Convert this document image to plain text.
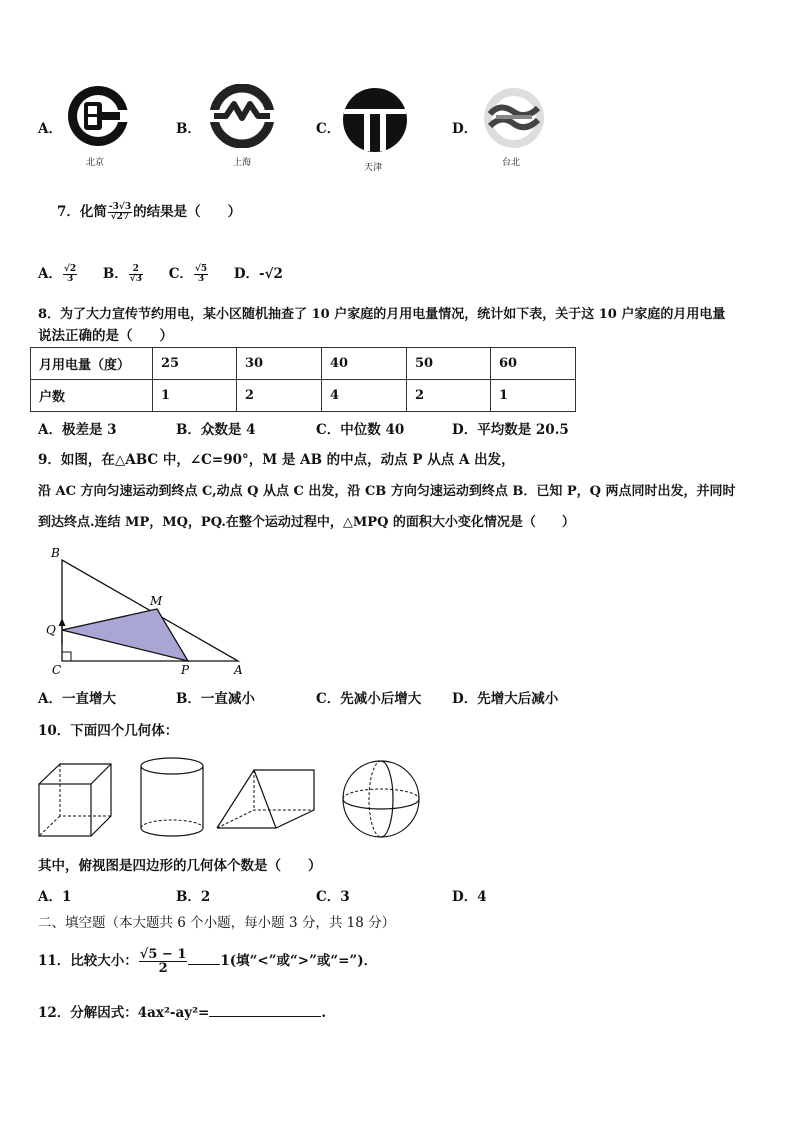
A．
北京
B．
上海
C．
天津
D．
台北
7．化简 $\frac{-3√3}{√27}$ 的结果是（　　）
A． $\frac{√2}{3}$ B． $\frac{2}{√3}$ C． $\frac{√5}{3}$ D．-√2
8．为了大力宣传节约用电，某小区随机抽查了 10 户家庭的月用电量情况，统计如下表，关于这 10 户家庭的月用电量
说法正确的是（　　）
月用电量（度）	25	30	40	50	60
户数	1	2	4	2	1
A．极差是 3	B．众数是 4	C．中位数 40	D．平均数是 20.5
9．如图，在△ABC 中，∠C=90°，M 是 AB 的中点，动点 P 从点 A 出发，
沿 AC 方向匀速运动到终点 C,动点 Q 从点 C 出发，沿 CB 方向匀速运动到终点 B．已知 P，Q 两点同时出发，并同时
到达终点.连结 MP，MQ，PQ.在整个运动过程中，△MPQ 的面积大小变化情况是（　　）
B
M
Q
C	P	A
A．一直增大	B．一直减小	C．先减小后增大 D．先增大后减小
10．下面四个几何体：
其中，俯视图是四边形的几何体个数是（　　）
A．1	B．2	C．3	D．4
二、填空题（本大题共 6 个小题，每小题 3 分，共 18 分）
11．比较大小： $\frac{√5 - 1}{2} 1$(填“<”或“>”或“=”)．
12．分解因式：4ax²-ay²=	.
